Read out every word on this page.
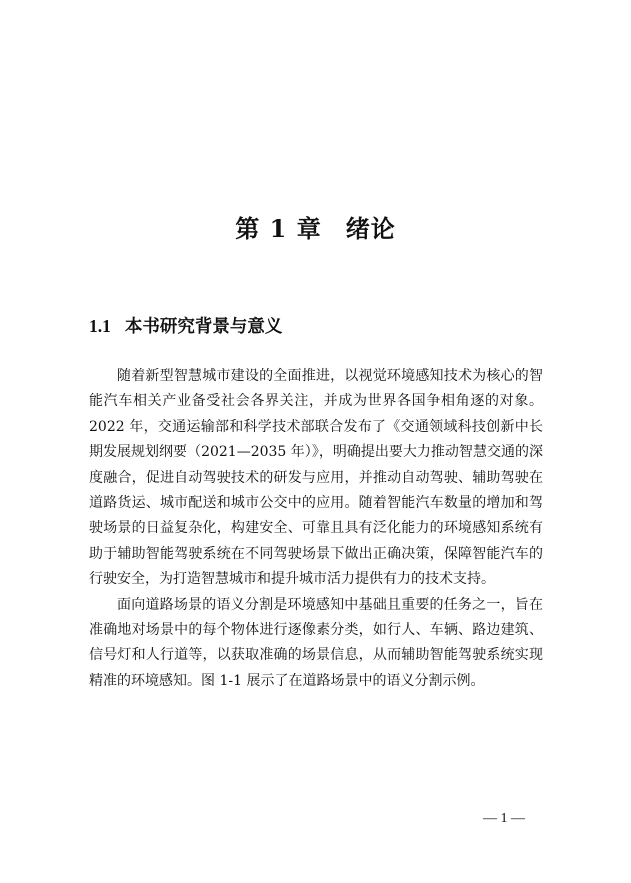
第 1 章 绪论
1.1 本书研究背景与意义

随着新型智慧城市建设的全面推进，以视觉环境感知技术为核心的智能汽车相关产业备受社会各界关注，并成为世界各国争相角逐的对象。2022 年，交通运输部和科学技术部联合发布了《交通领域科技创新中长期发展规划纲要（2021—2035 年）》，明确提出要大力推动智慧交通的深度融合，促进自动驾驶技术的研发与应用，并推动自动驾驶、辅助驾驶在道路货运、城市配送和城市公交中的应用。随着智能汽车数量的增加和驾驶场景的日益复杂化，构建安全、可靠且具有泛化能力的环境感知系统有助于辅助智能驾驶系统在不同驾驶场景下做出正确决策，保障智能汽车的行驶安全，为打造智慧城市和提升城市活力提供有力的技术支持。

面向道路场景的语义分割是环境感知中基础且重要的任务之一，旨在准确地对场景中的每个物体进行逐像素分类，如行人、车辆、路边建筑、信号灯和人行道等，以获取准确的场景信息，从而辅助智能驾驶系统实现精准的环境感知。图 1-1 展示了在道路场景中的语义分割示例。

— 1 —
